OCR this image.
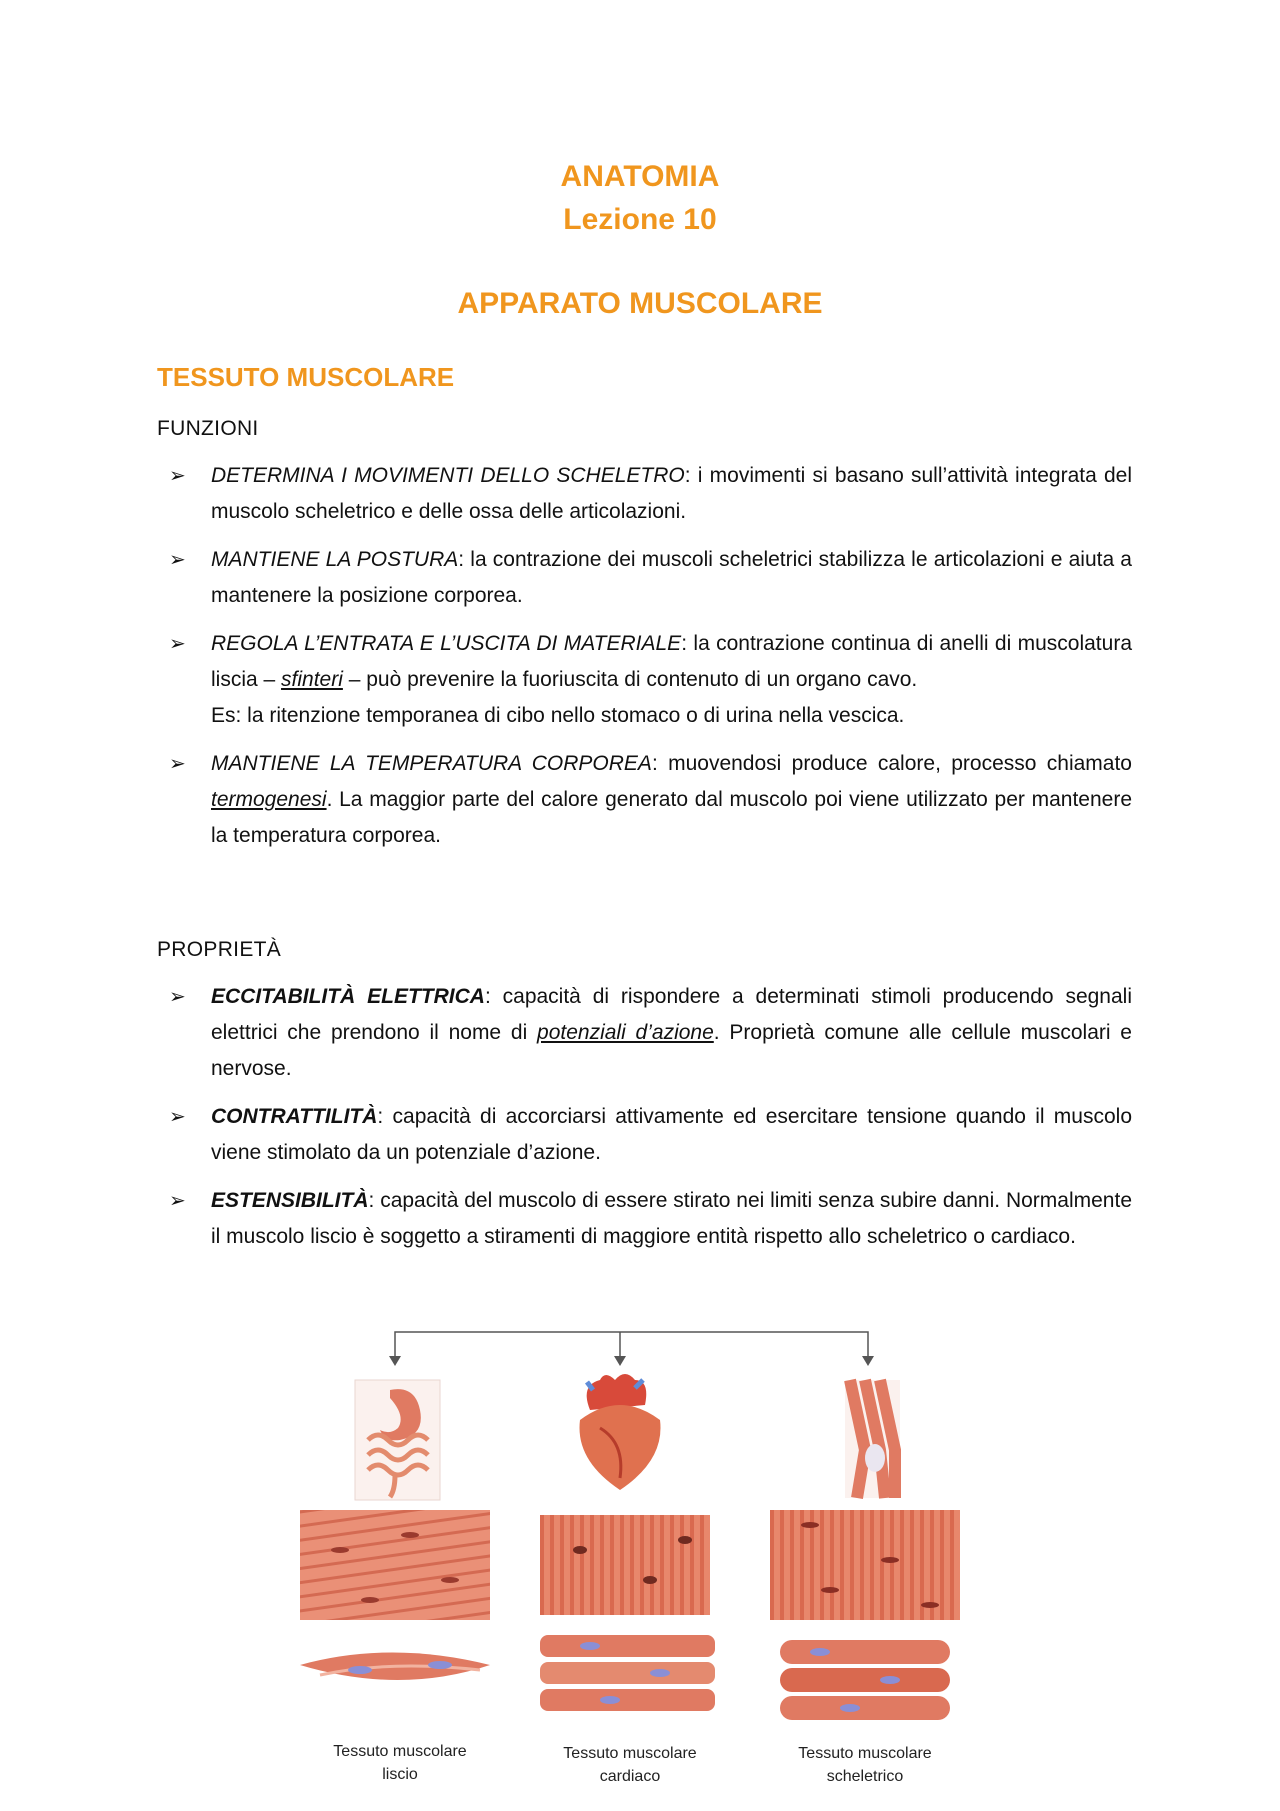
ANATOMIA
Lezione 10
APPARATO MUSCOLARE
TESSUTO MUSCOLARE
FUNZIONI
➢ DETERMINA I MOVIMENTI DELLO SCHELETRO: i movimenti si basano sull’attività integrata del muscolo scheletrico e delle ossa delle articolazioni.

➢ MANTIENE LA POSTURA: la contrazione dei muscoli scheletrici stabilizza le articolazioni e aiuta a mantenere la posizione corporea.

➢ REGOLA L’ENTRATA E L’USCITA DI MATERIALE: la contrazione continua di anelli di muscolatura liscia – sfinteri – può prevenire la fuoriuscita di contenuto di un organo cavo.

Es: la ritenzione temporanea di cibo nello stomaco o di urina nella vescica.

➢ MANTIENE LA TEMPERATURA CORPOREA: muovendosi produce calore, processo chiamato termogenesi. La maggior parte del calore generato dal muscolo poi viene utilizzato per mantenere la temperatura corporea.

PROPRIETÀ
➢ ECCITABILITÀ ELETTRICA: capacità di rispondere a determinati stimoli producendo segnali elettrici che prendono il nome di potenziali d’azione. Proprietà comune alle cellule muscolari e nervose.

➢ CONTRATTILITÀ: capacità di accorciarsi attivamente ed esercitare tensione quando il muscolo viene stimolato da un potenziale d’azione.

➢ ESTENSIBILITÀ: capacità del muscolo di essere stirato nei limiti senza subire danni. Normalmente il muscolo liscio è soggetto a stiramenti di maggiore entità rispetto allo scheletrico o cardiaco.

Tessuto muscolare
liscio
Tessuto muscolare
cardiaco
Tessuto muscolare
scheletrico
